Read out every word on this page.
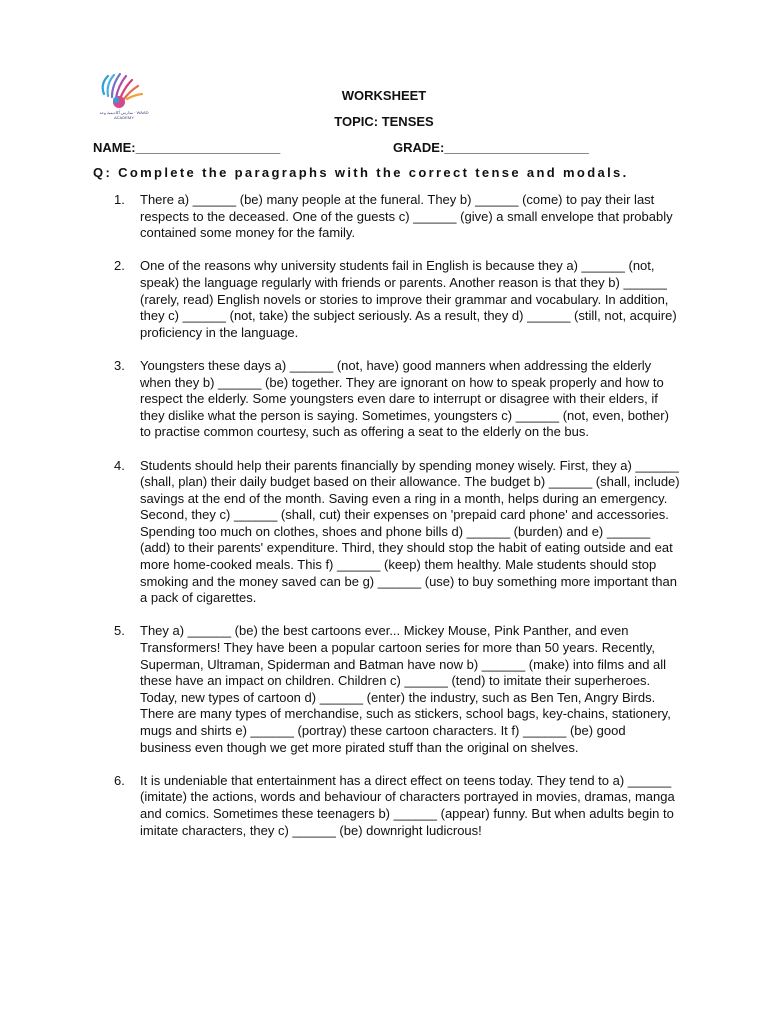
مدارس أكاديمية وعد · WAAD ACADEMY
WORKSHEET
TOPIC: TENSES
NAME:____________________	GRADE:____________________
Q: Complete the paragraphs with the correct tense and modals.
1. There a) ______ (be) many people at the funeral. They b) ______ (come) to pay their last respects to the deceased. One of the guests c) ______ (give) a small envelope that probably contained some money for the family.
2. One of the reasons why university students fail in English is because they a) ______ (not, speak) the language regularly with friends or parents. Another reason is that they b) ______ (rarely, read) English novels or stories to improve their grammar and vocabulary. In addition, they c) ______ (not, take) the subject seriously. As a result, they d) ______ (still, not, acquire) proficiency in the language.
3. Youngsters these days a) ______ (not, have) good manners when addressing the elderly when they b) ______ (be) together. They are ignorant on how to speak properly and how to respect the elderly. Some youngsters even dare to interrupt or disagree with their elders, if they dislike what the person is saying. Sometimes, youngsters c) ______ (not, even, bother) to practise common courtesy, such as offering a seat to the elderly on the bus.
4. Students should help their parents financially by spending money wisely. First, they a) ______ (shall, plan) their daily budget based on their allowance. The budget b) ______ (shall, include) savings at the end of the month. Saving even a ring in a month, helps during an emergency. Second, they c) ______ (shall, cut) their expenses on 'prepaid card phone' and accessories. Spending too much on clothes, shoes and phone bills d) ______ (burden) and e) ______ (add) to their parents' expenditure. Third, they should stop the habit of eating outside and eat more home-cooked meals. This f) ______ (keep) them healthy. Male students should stop smoking and the money saved can be g) ______ (use) to buy something more important than a pack of cigarettes.
5. They a) ______ (be) the best cartoons ever... Mickey Mouse, Pink Panther, and even Transformers! They have been a popular cartoon series for more than 50 years. Recently, Superman, Ultraman, Spiderman and Batman have now b) ______ (make) into films and all these have an impact on children. Children c) ______ (tend) to imitate their superheroes. Today, new types of cartoon d) ______ (enter) the industry, such as Ben Ten, Angry Birds. There are many types of merchandise, such as stickers, school bags, key-chains, stationery, mugs and shirts e) ______ (portray) these cartoon characters. It f) ______ (be) good business even though we get more pirated stuff than the original on shelves.
6. It is undeniable that entertainment has a direct effect on teens today. They tend to a) ______ (imitate) the actions, words and behaviour of characters portrayed in movies, dramas, manga and comics. Sometimes these teenagers b) ______ (appear) funny. But when adults begin to imitate characters, they c) ______ (be) downright ludicrous!
